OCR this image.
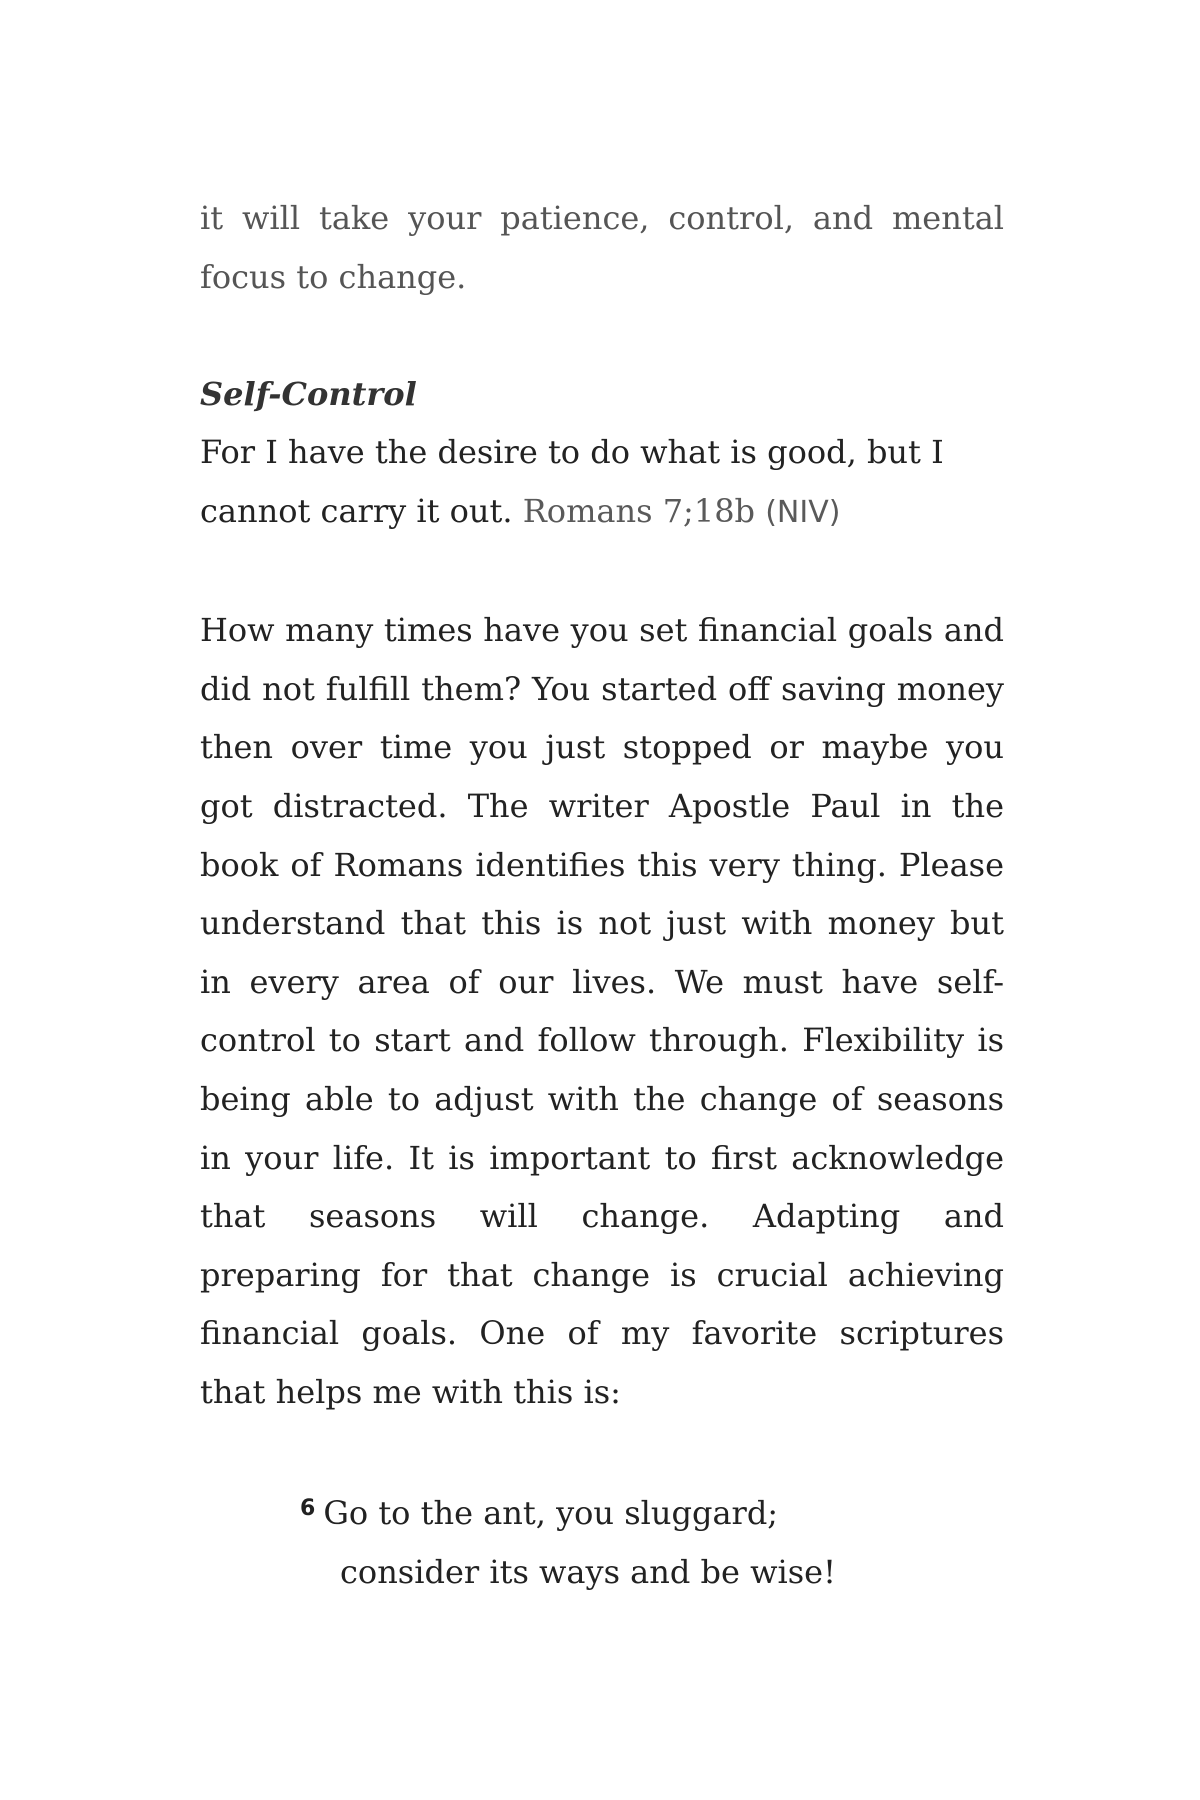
it will take your patience, control, and mental focus to change.

Self-Control

For I have the desire to do what is good, but I cannot carry it out. Romans 7;18b (NIV)

How many times have you set financial goals and did not fulfill them? You started off saving money then over time you just stopped or maybe you got distracted. The writer Apostle Paul in the book of Romans identifies this very thing. Please understand that this is not just with money but in every area of our lives. We must have self-control to start and follow through. Flexibility is being able to adjust with the change of seasons in your life. It is important to first acknowledge that seasons will change. Adapting and preparing for that change is crucial achieving financial goals. One of my favorite scriptures that helps me with this is:

$^6$ Go to the ant, you sluggard;

consider its ways and be wise!
